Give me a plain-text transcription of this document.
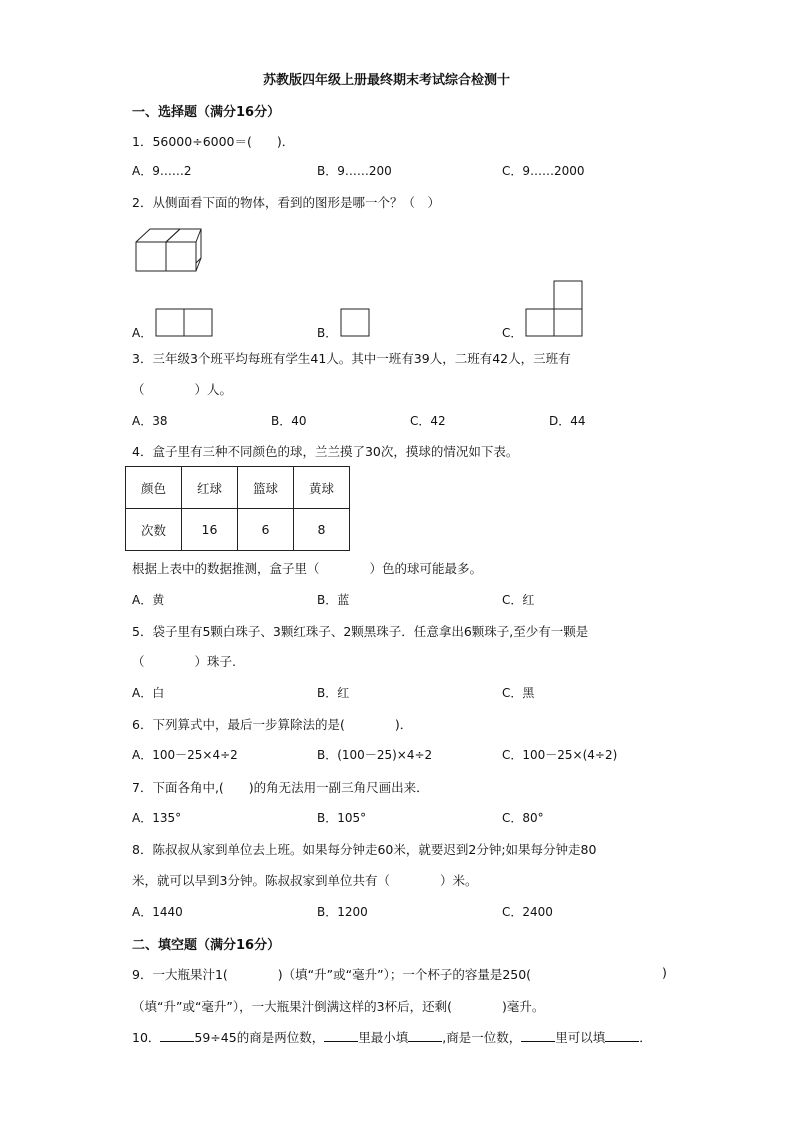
苏教版四年级上册最终期末考试综合检测十
一、选择题（满分16分）
1．56000÷6000＝(　　)．
A．9……2	B．9……200	C．9……2000
2．从侧面看下面的物体，看到的图形是哪一个？（　）
A．	B．	C．
3．三年级3个班平均每班有学生41人。其中一班有39人，二班有42人，三班有
（　　　　）人。
A．38	B．40	C．42	D．44
4．盒子里有三种不同颜色的球，兰兰摸了30次，摸球的情况如下表。
颜色	红球	篮球	黄球
次数	16	6	8
根据上表中的数据推测，盒子里（　　　　）色的球可能最多。
A．黄	B．蓝	C．红
5．袋子里有5颗白珠子、3颗红珠子、2颗黑珠子．任意拿出6颗珠子,至少有一颗是
（　　　　）珠子.
A．白	B．红	C．黑
6．下列算式中，最后一步算除法的是(　　　　)．
A．100－25×4÷2	B．(100－25)×4÷2	C．100－25×(4÷2)
7．下面各角中,(　　)的角无法用一副三角尺画出来．
A．135°	B．105°	C．80°
8．陈叔叔从家到单位去上班。如果每分钟走60米，就要迟到2分钟;如果每分钟走80
米，就可以早到3分钟。陈叔叔家到单位共有（　　　　）米。
A．1440	B．1200	C．2400
二、填空题（满分16分）
9．一大瓶果汁1(　　　　)（填“升”或“毫升”）；一个杯子的容量是250(	)
（填“升”或“毫升”），一大瓶果汁倒满这样的3杯后，还剩(　　　　)毫升。
10．	59÷45的商是两位数，	里最小填	,商是一位数，	里可以填	．
